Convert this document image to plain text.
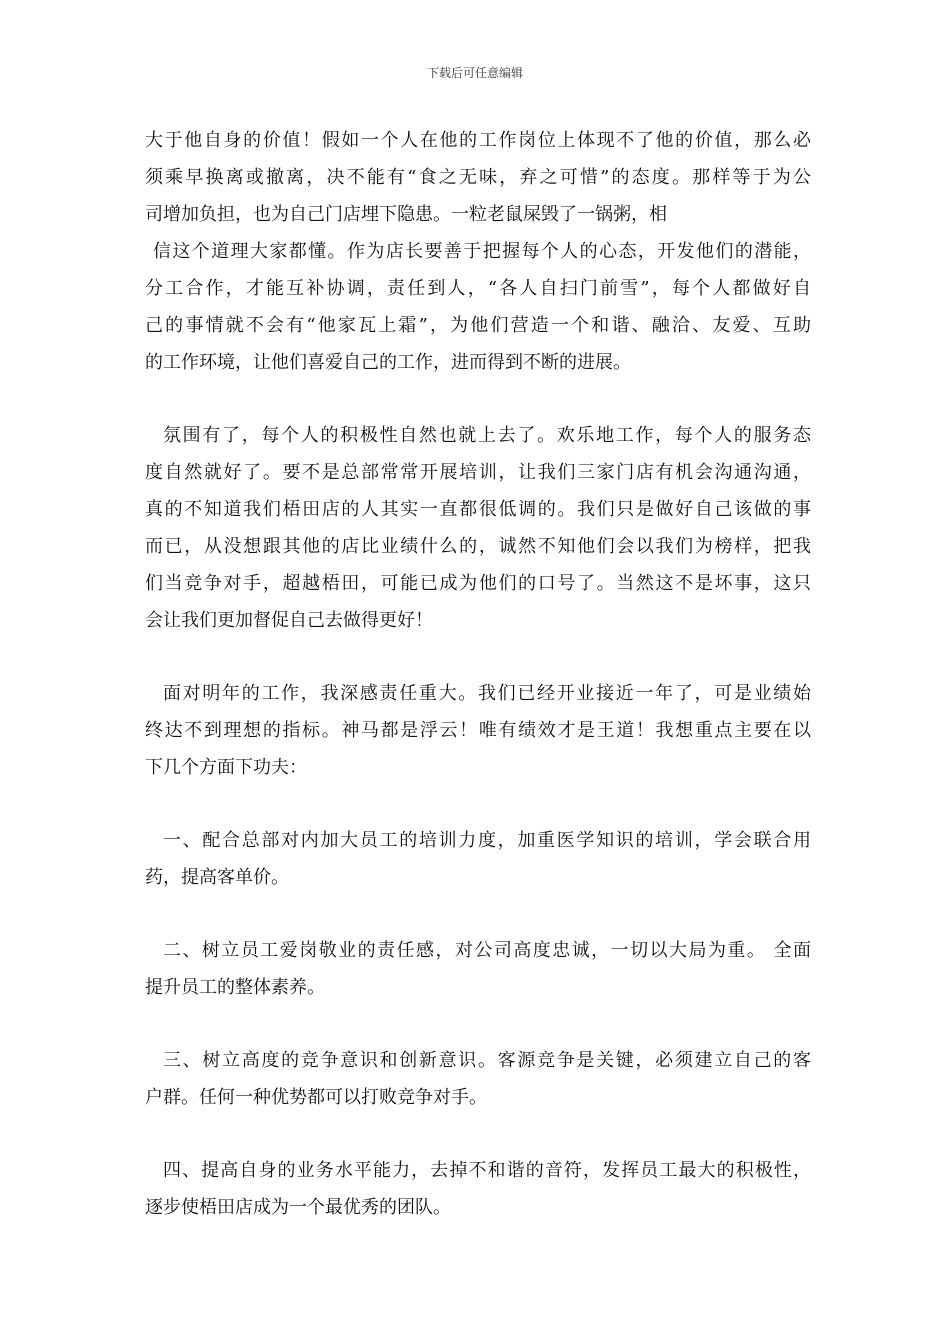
下载后可任意编辑
大于他自身的价值！假如一个人在他的工作岗位上体现不了他的价值，那么必
须乘早换离或撤离，决不能有“食之无味，弃之可惜”的态度。那样等于为公
司增加负担，也为自己门店埋下隐患。一粒老鼠屎毁了一锅粥，相
信这个道理大家都懂。作为店长要善于把握每个人的心态，开发他们的潜能，
分工合作，才能互补协调，责任到人，“各人自扫门前雪”，每个人都做好自
己的事情就不会有“他家瓦上霜”，为他们营造一个和谐、融洽、友爱、互助
的工作环境，让他们喜爱自己的工作，进而得到不断的进展。
氛围有了，每个人的积极性自然也就上去了。欢乐地工作，每个人的服务态
度自然就好了。要不是总部常常开展培训，让我们三家门店有机会沟通沟通，
真的不知道我们梧田店的人其实一直都很低调的。我们只是做好自己该做的事
而已，从没想跟其他的店比业绩什么的，诚然不知他们会以我们为榜样，把我
们当竞争对手，超越梧田，可能已成为他们的口号了。当然这不是坏事，这只
会让我们更加督促自己去做得更好！
面对明年的工作，我深感责任重大。我们已经开业接近一年了，可是业绩始
终达不到理想的指标。神马都是浮云！唯有绩效才是王道！我想重点主要在以
下几个方面下功夫：
一、配合总部对内加大员工的培训力度，加重医学知识的培训，学会联合用
药，提高客单价。
二、树立员工爱岗敬业的责任感，对公司高度忠诚，一切以大局为重。 全面
提升员工的整体素养。
三、树立高度的竞争意识和创新意识。客源竞争是关键，必须建立自己的客
户群。任何一种优势都可以打败竞争对手。
四、提高自身的业务水平能力，去掉不和谐的音符，发挥员工最大的积极性，
逐步使梧田店成为一个最优秀的团队。
